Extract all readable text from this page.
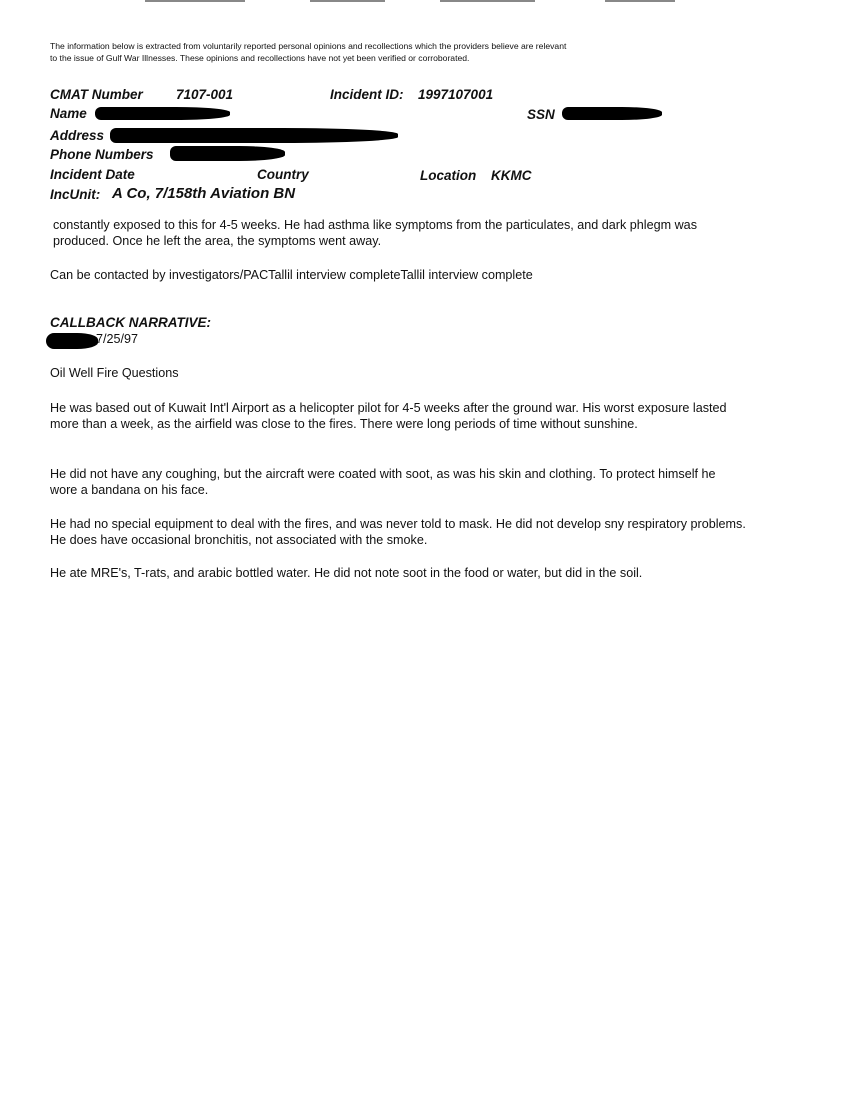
The information below is extracted from voluntarily reported personal opinions and recollections which the providers believe are relevant to the issue of Gulf War Illnesses. These opinions and recollections have not yet been verified or corroborated.
CMAT Number 7107-001	Incident ID: 1997107001
Name	SSN
Address
Phone Numbers
Incident Date	Country	Location KKMC
IncUnit: A Co, 7/158th Aviation BN
constantly exposed to this for 4-5 weeks. He had asthma like symptoms from the particulates, and dark phlegm was produced. Once he left the area, the symptoms went away.
Can be contacted by investigators/PACTallil interview completeTallil interview complete
CALLBACK NARRATIVE:
7/25/97
Oil Well Fire Questions
He was based out of Kuwait Int'l Airport as a helicopter pilot for 4-5 weeks after the ground war. His worst exposure lasted more than a week, as the airfield was close to the fires. There were long periods of time without sunshine.
He did not have any coughing, but the aircraft were coated with soot, as was his skin and clothing. To protect himself he wore a bandana on his face.
He had no special equipment to deal with the fires, and was never told to mask. He did not develop sny respiratory problems. He does have occasional bronchitis, not associated with the smoke.
He ate MRE's, T-rats, and arabic bottled water. He did not note soot in the food or water, but did in the soil.
